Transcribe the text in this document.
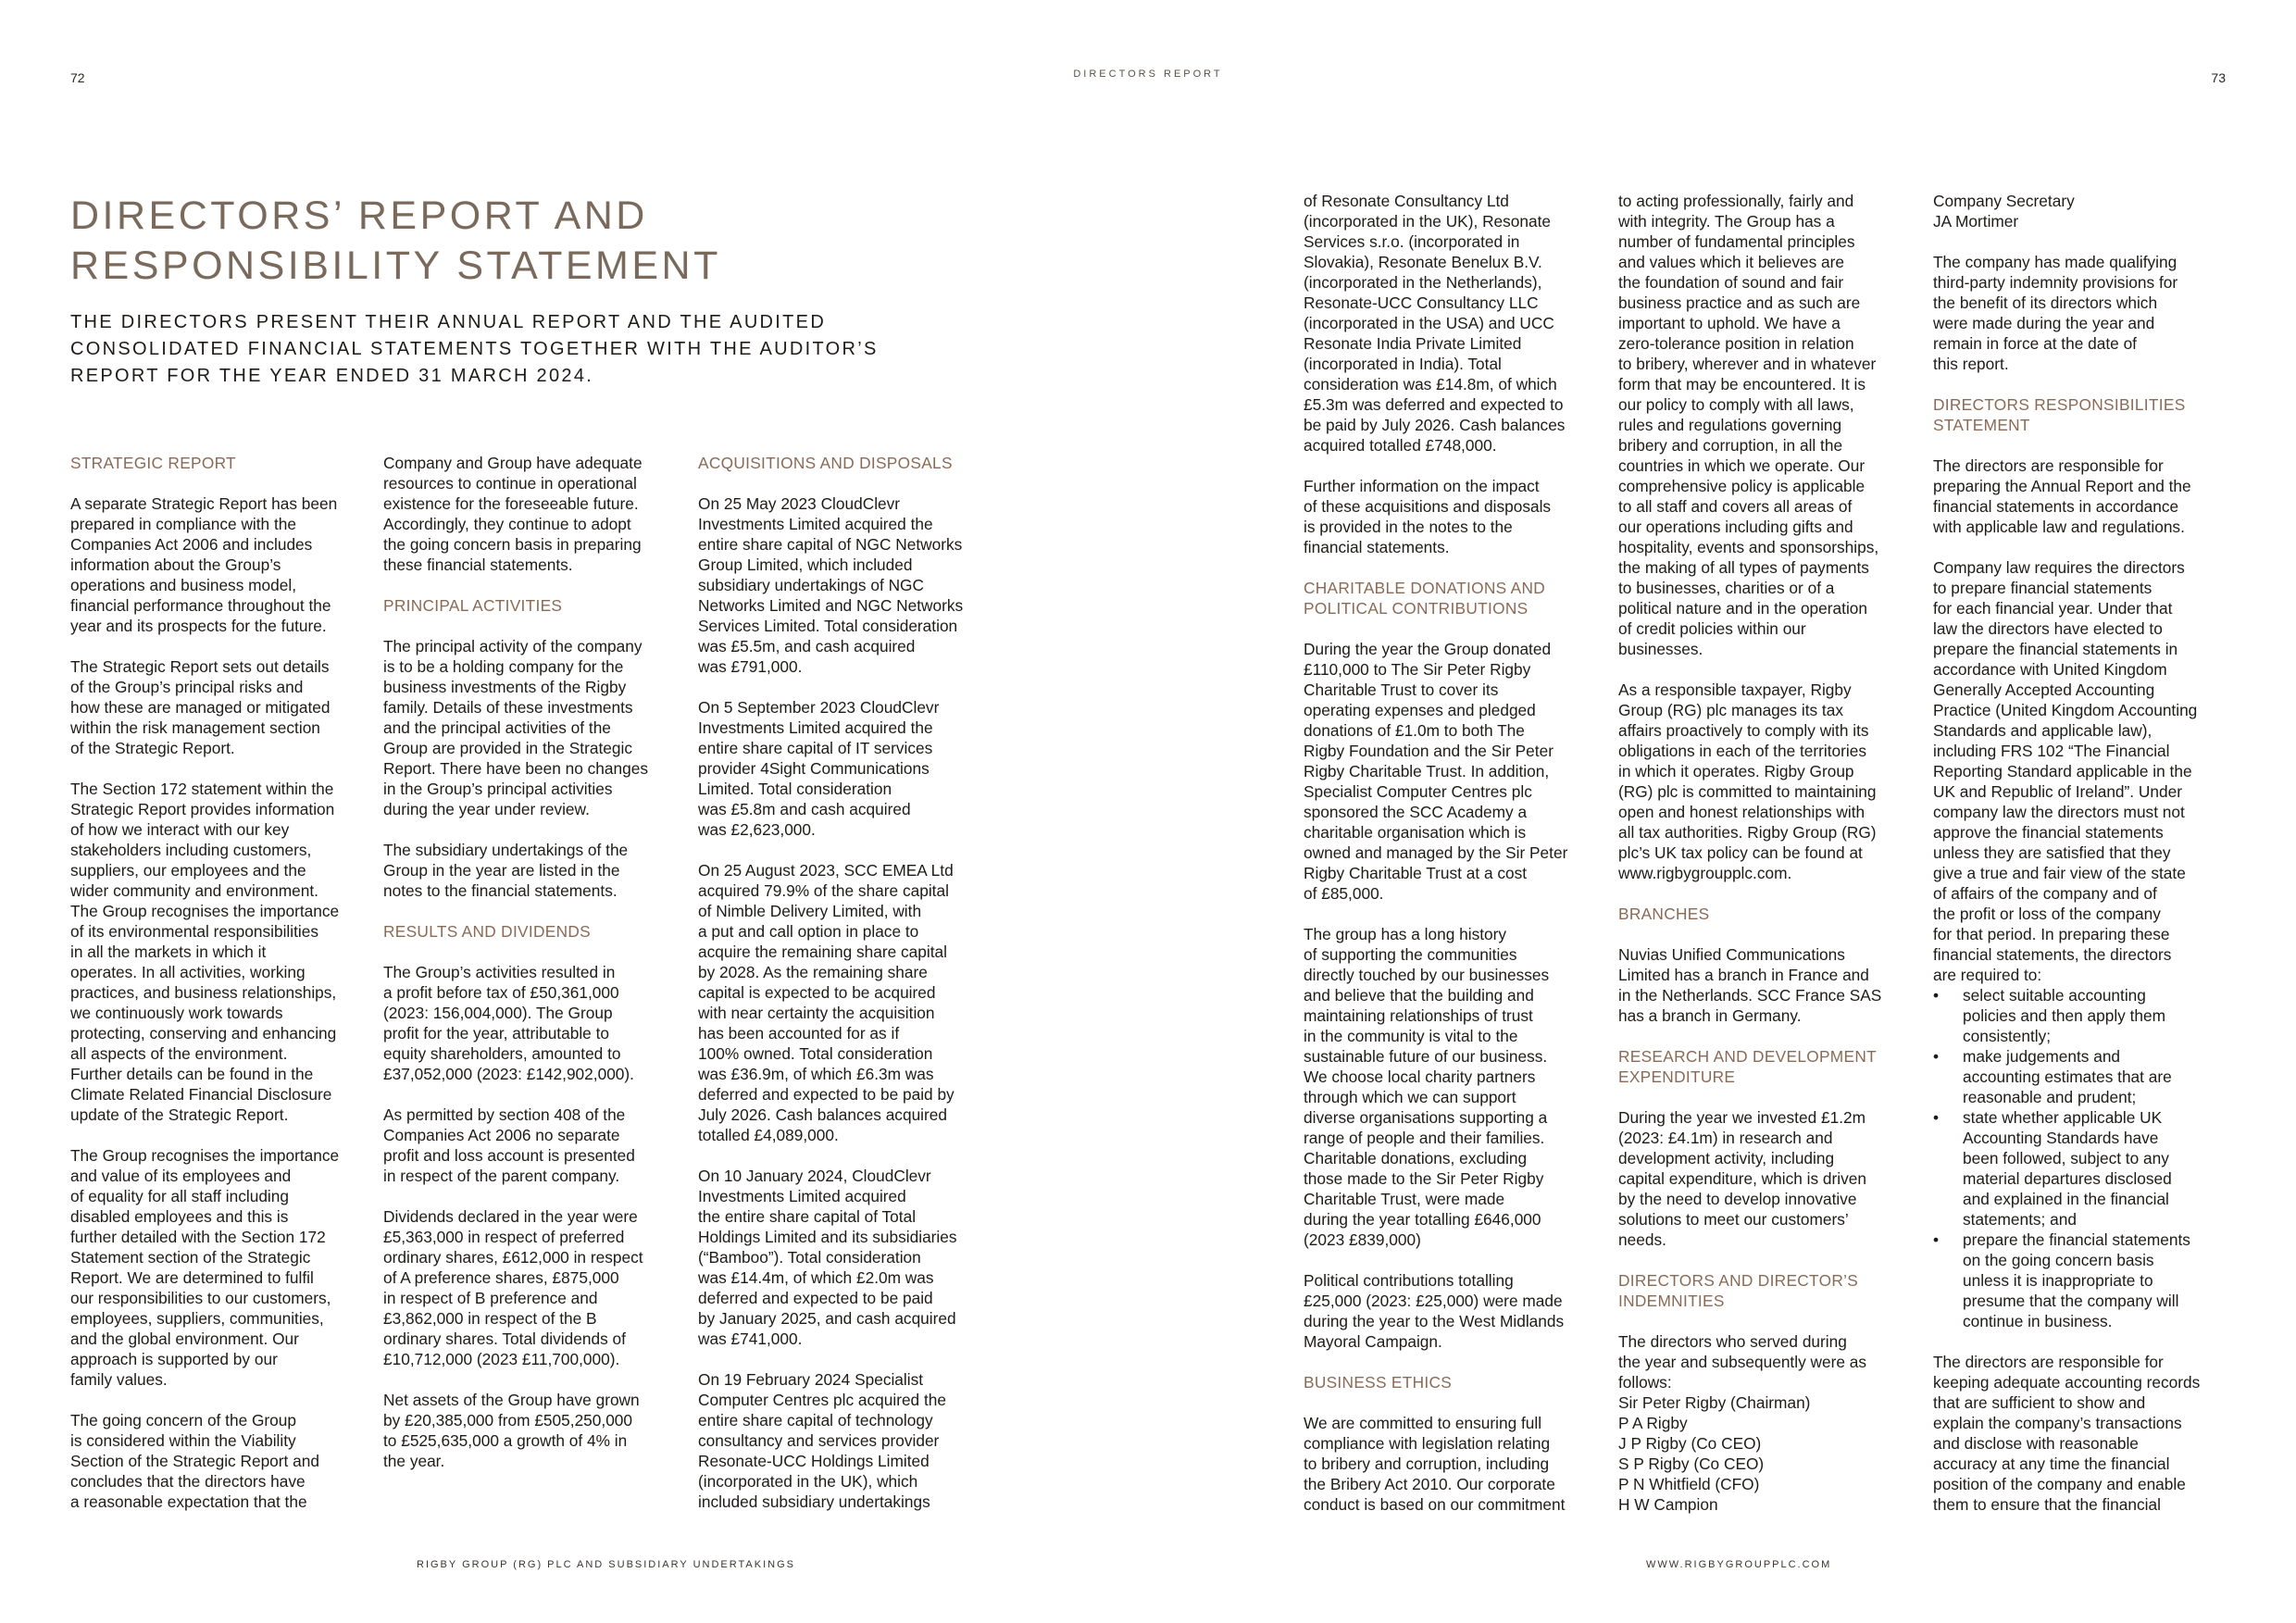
72	DIRECTORS REPORT	73
DIRECTORS’ REPORT AND
RESPONSIBILITY STATEMENT
THE DIRECTORS PRESENT THEIR ANNUAL REPORT AND THE AUDITED
CONSOLIDATED FINANCIAL STATEMENTS TOGETHER WITH THE AUDITOR’S
REPORT FOR THE YEAR ENDED 31 MARCH 2024.
STRATEGIC REPORT

A separate Strategic Report has been
prepared in compliance with the
Companies Act 2006 and includes
information about the Group’s
operations and business model,
financial performance throughout the
year and its prospects for the future.

The Strategic Report sets out details
of the Group’s principal risks and
how these are managed or mitigated
within the risk management section
of the Strategic Report.

The Section 172 statement within the
Strategic Report provides information
of how we interact with our key
stakeholders including customers,
suppliers, our employees and the
wider community and environment.
The Group recognises the importance
of its environmental responsibilities
in all the markets in which it
operates. In all activities, working
practices, and business relationships,
we continuously work towards
protecting, conserving and enhancing
all aspects of the environment.
Further details can be found in the
Climate Related Financial Disclosure
update of the Strategic Report.

The Group recognises the importance
and value of its employees and
of equality for all staff including
disabled employees and this is
further detailed with the Section 172
Statement section of the Strategic
Report. We are determined to fulfil
our responsibilities to our customers,
employees, suppliers, communities,
and the global environment. Our
approach is supported by our
family values.

The going concern of the Group
is considered within the Viability
Section of the Strategic Report and
concludes that the directors have
a reasonable expectation that the

Company and Group have adequate
resources to continue in operational
existence for the foreseeable future.
Accordingly, they continue to adopt
the going concern basis in preparing
these financial statements.

PRINCIPAL ACTIVITIES

The principal activity of the company
is to be a holding company for the
business investments of the Rigby
family. Details of these investments
and the principal activities of the
Group are provided in the Strategic
Report. There have been no changes
in the Group’s principal activities
during the year under review.

The subsidiary undertakings of the
Group in the year are listed in the
notes to the financial statements.

RESULTS AND DIVIDENDS

The Group’s activities resulted in
a profit before tax of £50,361,000
(2023: 156,004,000). The Group
profit for the year, attributable to
equity shareholders, amounted to
£37,052,000 (2023: £142,902,000).

As permitted by section 408 of the
Companies Act 2006 no separate
profit and loss account is presented
in respect of the parent company.

Dividends declared in the year were
£5,363,000 in respect of preferred
ordinary shares, £612,000 in respect
of A preference shares, £875,000
in respect of B preference and
£3,862,000 in respect of the B
ordinary shares. Total dividends of
£10,712,000 (2023 £11,700,000).

Net assets of the Group have grown
by £20,385,000 from £505,250,000
to £525,635,000 a growth of 4% in
the year.

ACQUISITIONS AND DISPOSALS

On 25 May 2023 CloudClevr
Investments Limited acquired the
entire share capital of NGC Networks
Group Limited, which included
subsidiary undertakings of NGC
Networks Limited and NGC Networks
Services Limited. Total consideration
was £5.5m, and cash acquired
was £791,000.

On 5 September 2023 CloudClevr
Investments Limited acquired the
entire share capital of IT services
provider 4Sight Communications
Limited. Total consideration
was £5.8m and cash acquired
was £2,623,000.

On 25 August 2023, SCC EMEA Ltd
acquired 79.9% of the share capital
of Nimble Delivery Limited, with
a put and call option in place to
acquire the remaining share capital
by 2028. As the remaining share
capital is expected to be acquired
with near certainty the acquisition
has been accounted for as if
100% owned. Total consideration
was £36.9m, of which £6.3m was
deferred and expected to be paid by
July 2026. Cash balances acquired
totalled £4,089,000.

On 10 January 2024, CloudClevr
Investments Limited acquired
the entire share capital of Total
Holdings Limited and its subsidiaries
(“Bamboo”). Total consideration
was £14.4m, of which £2.0m was
deferred and expected to be paid
by January 2025, and cash acquired
was £741,000.

On 19 February 2024 Specialist
Computer Centres plc acquired the
entire share capital of technology
consultancy and services provider
Resonate-UCC Holdings Limited
(incorporated in the UK), which
included subsidiary undertakings

of Resonate Consultancy Ltd
(incorporated in the UK), Resonate
Services s.r.o. (incorporated in
Slovakia), Resonate Benelux B.V.
(incorporated in the Netherlands),
Resonate-UCC Consultancy LLC
(incorporated in the USA) and UCC
Resonate India Private Limited
(incorporated in India). Total
consideration was £14.8m, of which
£5.3m was deferred and expected to
be paid by July 2026. Cash balances
acquired totalled £748,000.

Further information on the impact
of these acquisitions and disposals
is provided in the notes to the
financial statements.

CHARITABLE DONATIONS AND
POLITICAL CONTRIBUTIONS

During the year the Group donated
£110,000 to The Sir Peter Rigby
Charitable Trust to cover its
operating expenses and pledged
donations of £1.0m to both The
Rigby Foundation and the Sir Peter
Rigby Charitable Trust. In addition,
Specialist Computer Centres plc
sponsored the SCC Academy a
charitable organisation which is
owned and managed by the Sir Peter
Rigby Charitable Trust at a cost
of £85,000.

The group has a long history
of supporting the communities
directly touched by our businesses
and believe that the building and
maintaining relationships of trust
in the community is vital to the
sustainable future of our business.
We choose local charity partners
through which we can support
diverse organisations supporting a
range of people and their families.
Charitable donations, excluding
those made to the Sir Peter Rigby
Charitable Trust, were made
during the year totalling £646,000
(2023 £839,000)

Political contributions totalling
£25,000 (2023: £25,000) were made
during the year to the West Midlands
Mayoral Campaign.

BUSINESS ETHICS

We are committed to ensuring full
compliance with legislation relating
to bribery and corruption, including
the Bribery Act 2010. Our corporate
conduct is based on our commitment

to acting professionally, fairly and
with integrity. The Group has a
number of fundamental principles
and values which it believes are
the foundation of sound and fair
business practice and as such are
important to uphold. We have a
zero-tolerance position in relation
to bribery, wherever and in whatever
form that may be encountered. It is
our policy to comply with all laws,
rules and regulations governing
bribery and corruption, in all the
countries in which we operate. Our
comprehensive policy is applicable
to all staff and covers all areas of
our operations including gifts and
hospitality, events and sponsorships,
the making of all types of payments
to businesses, charities or of a
political nature and in the operation
of credit policies within our
businesses.

As a responsible taxpayer, Rigby
Group (RG) plc manages its tax
affairs proactively to comply with its
obligations in each of the territories
in which it operates. Rigby Group
(RG) plc is committed to maintaining
open and honest relationships with
all tax authorities. Rigby Group (RG)
plc’s UK tax policy can be found at
www.rigbygroupplc.com.

BRANCHES

Nuvias Unified Communications
Limited has a branch in France and
in the Netherlands. SCC France SAS
has a branch in Germany.

RESEARCH AND DEVELOPMENT
EXPENDITURE

During the year we invested £1.2m
(2023: £4.1m) in research and
development activity, including
capital expenditure, which is driven
by the need to develop innovative
solutions to meet our customers’
needs.

DIRECTORS AND DIRECTOR’S
INDEMNITIES

The directors who served during
the year and subsequently were as
follows:

Sir Peter Rigby (Chairman)
P A Rigby
J P Rigby (Co CEO)
S P Rigby (Co CEO)
P N Whitfield (CFO)
H W Campion

Company Secretary
JA Mortimer

The company has made qualifying
third-party indemnity provisions for
the benefit of its directors which
were made during the year and
remain in force at the date of
this report.

DIRECTORS RESPONSIBILITIES
STATEMENT

The directors are responsible for
preparing the Annual Report and the
financial statements in accordance
with applicable law and regulations.

Company law requires the directors
to prepare financial statements
for each financial year. Under that
law the directors have elected to
prepare the financial statements in
accordance with United Kingdom
Generally Accepted Accounting
Practice (United Kingdom Accounting
Standards and applicable law),
including FRS 102 “The Financial
Reporting Standard applicable in the
UK and Republic of Ireland”. Under
company law the directors must not
approve the financial statements
unless they are satisfied that they
give a true and fair view of the state
of affairs of the company and of
the profit or loss of the company
for that period. In preparing these
financial statements, the directors
are required to:

• select suitable accounting
policies and then apply them
consistently;
• make judgements and
accounting estimates that are
reasonable and prudent;
• state whether applicable UK
Accounting Standards have
been followed, subject to any
material departures disclosed
and explained in the financial
statements; and
• prepare the financial statements
on the going concern basis
unless it is inappropriate to
presume that the company will
continue in business.

The directors are responsible for
keeping adequate accounting records
that are sufficient to show and
explain the company’s transactions
and disclose with reasonable
accuracy at any time the financial
position of the company and enable
them to ensure that the financial

RIGBY GROUP (RG) PLC AND SUBSIDIARY UNDERTAKINGS	WWW.RIGBYGROUPPLC.COM
